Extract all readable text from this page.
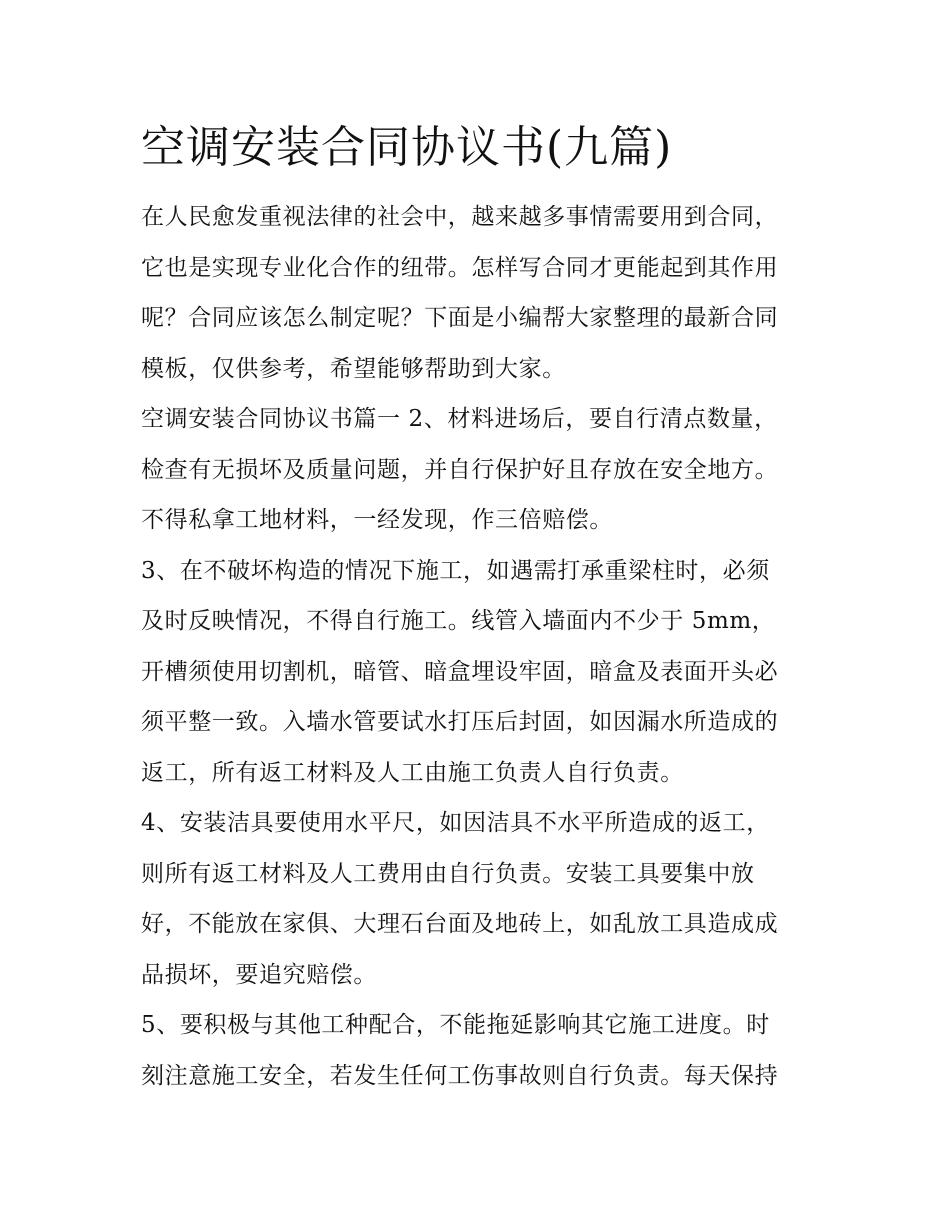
空调安装合同协议书(九篇)
在人民愈发重视法律的社会中，越来越多事情需要用到合同，
它也是实现专业化合作的纽带。怎样写合同才更能起到其作用
呢？合同应该怎么制定呢？下面是小编帮大家整理的最新合同
模板，仅供参考，希望能够帮助到大家。
空调安装合同协议书篇一 2、材料进场后，要自行清点数量，
检查有无损坏及质量问题，并自行保护好且存放在安全地方。
不得私拿工地材料，一经发现，作三倍赔偿。
3、在不破坏构造的情况下施工，如遇需打承重梁柱时，必须
及时反映情况，不得自行施工。线管入墙面内不少于 5mm，
开槽须使用切割机，暗管、暗盒埋设牢固，暗盒及表面开头必
须平整一致。入墙水管要试水打压后封固，如因漏水所造成的
返工，所有返工材料及人工由施工负责人自行负责。
4、安装洁具要使用水平尺，如因洁具不水平所造成的返工，
则所有返工材料及人工费用由自行负责。安装工具要集中放
好，不能放在家俱、大理石台面及地砖上，如乱放工具造成成
品损坏，要追究赔偿。
5、要积极与其他工种配合，不能拖延影响其它施工进度。时
刻注意施工安全，若发生任何工伤事故则自行负责。每天保持
